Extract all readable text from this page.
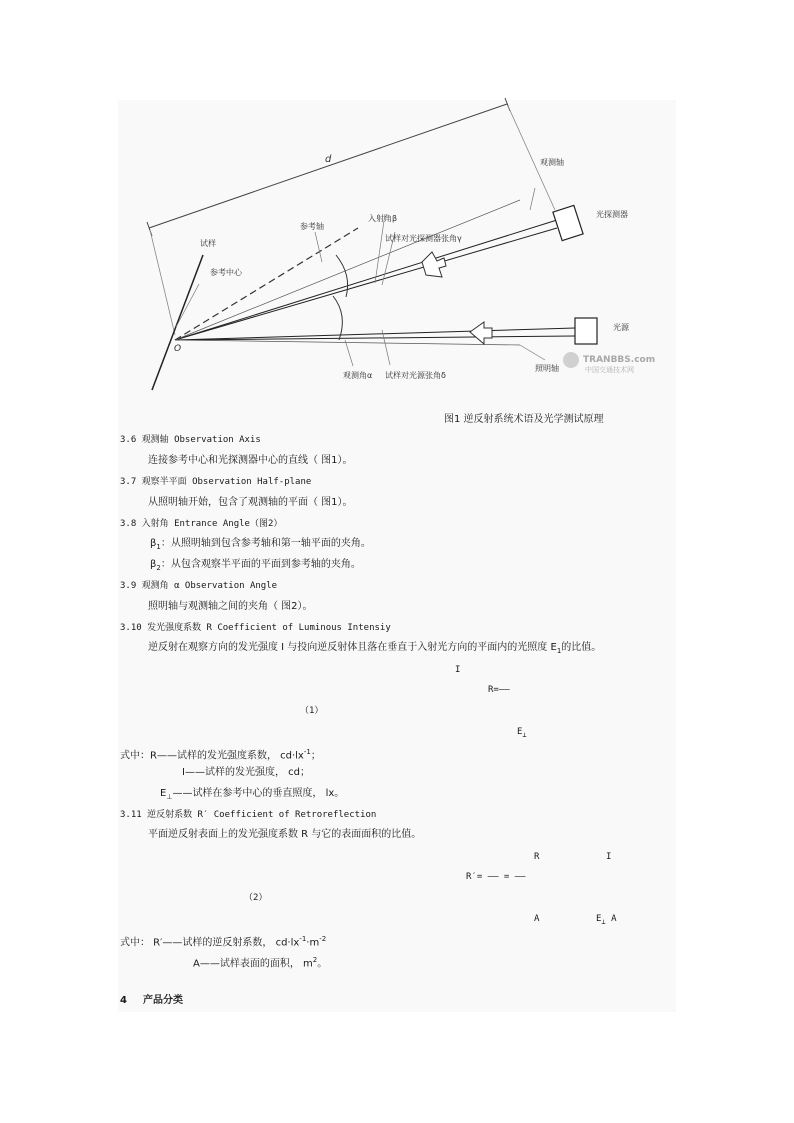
d	观测轴
光探测器
入射角β
参考轴
试样
试样对光探测器张角γ
参考中心
光源
O
观测角α 试样对光源张角δ
照明轴
TRANBBS.com
中国交通技术网
图1 逆反射系统术语及光学测试原理
3.6 观测轴 Observation Axis
连接参考中心和光探测器中心的直线（ 图1）。
3.7 观察半平面 Observation Half-plane
从照明轴开始，包含了观测轴的平面（ 图1）。
3.8 入射角 Entrance Angle（图2）
$\beta_1$：从照明轴到包含参考轴和第一轴平面的夹角。
$\beta_2$：从包含观察半平面的平面到参考轴的夹角。
3.9 观测角 α Observation Angle
照明轴与观测轴之间的夹角（ 图2）。
3.10 发光强度系数 R Coefficient of Luminous Intensiy
逆反射在观察方向的发光强度 I 与投向逆反射体且落在垂直于入射光方向的平面内的光照度 $E_1$的比值。
I
R=——
（1）
$E_\perp$
式中：R——试样的发光强度系数， $cd\cdot lx^{-1}$；
I——试样的发光强度， cd；
$E_\perp——$试样在参考中心的垂直照度， lx。
3.11 逆反射系数 R′ Coefficient of Retroreflection
平面逆反射表面上的发光强度系数 R 与它的表面面积的比值。
R	I
R′= —— = ——
（2）
A	$E_\perp$ A
式中： R′——试样的逆反射系数， $cd\cdot lx^{-1}\cdot m^{-2}$
A——试样表面的面积， $m^2$。
4 产品分类
